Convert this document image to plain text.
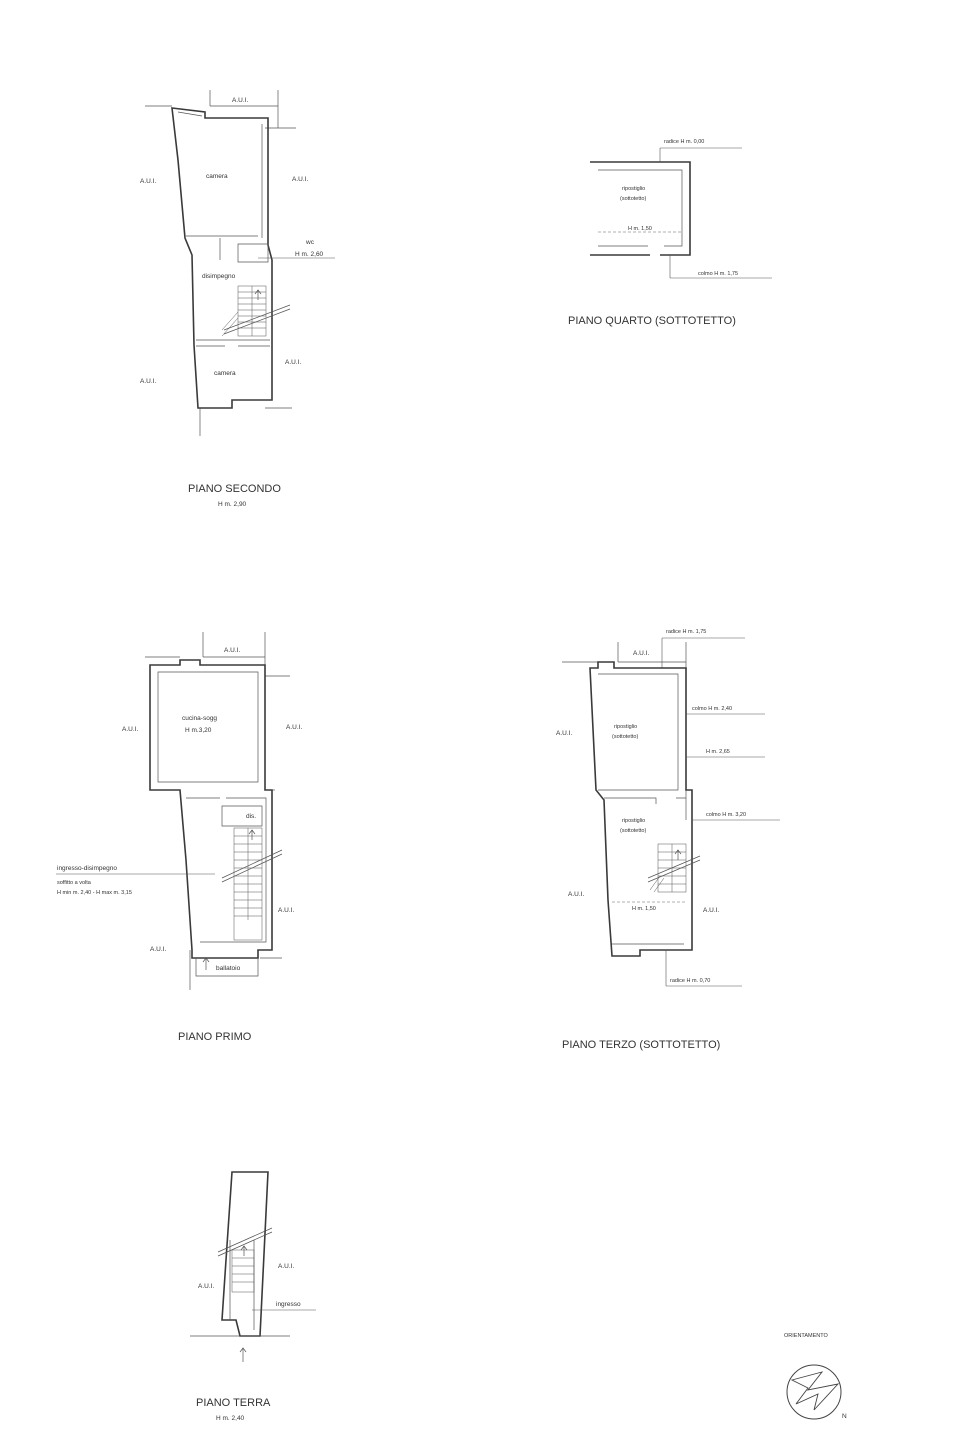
A.U.I.
A.U.I.	A.U.I.
A.U.I.
A.U.I.
camera
wc
H m. 2,60
disimpegno
camera
PIANO SECONDO
H m. 2,90
radice H m. 0,00
ripostiglio
(sottotetto)
H m. 1,50
colmo H m. 1,75
PIANO QUARTO (SOTTOTETTO)
A.U.I.
A.U.I.	A.U.I.
A.U.I.
A.U.I.
cucina-sogg
H m.3,20
dis.
ingresso-disimpegno
soffitto a volta
H min m. 2,40 - H max m. 3,15
ballatoio
PIANO PRIMO
radice H m. 1,75
A.U.I.
colmo H m. 2,40
A.U.I.
ripostiglio
(sottotetto)
H m. 2,65
colmo H m. 3,20
ripostiglio
(sottotetto)
A.U.I.
H m. 1,50	A.U.I.
radice H m. 0,70
PIANO TERZO (SOTTOTETTO)
A.U.I.
A.U.I.
ingresso
PIANO TERRA
H m. 2,40
ORIENTAMENTO
N
